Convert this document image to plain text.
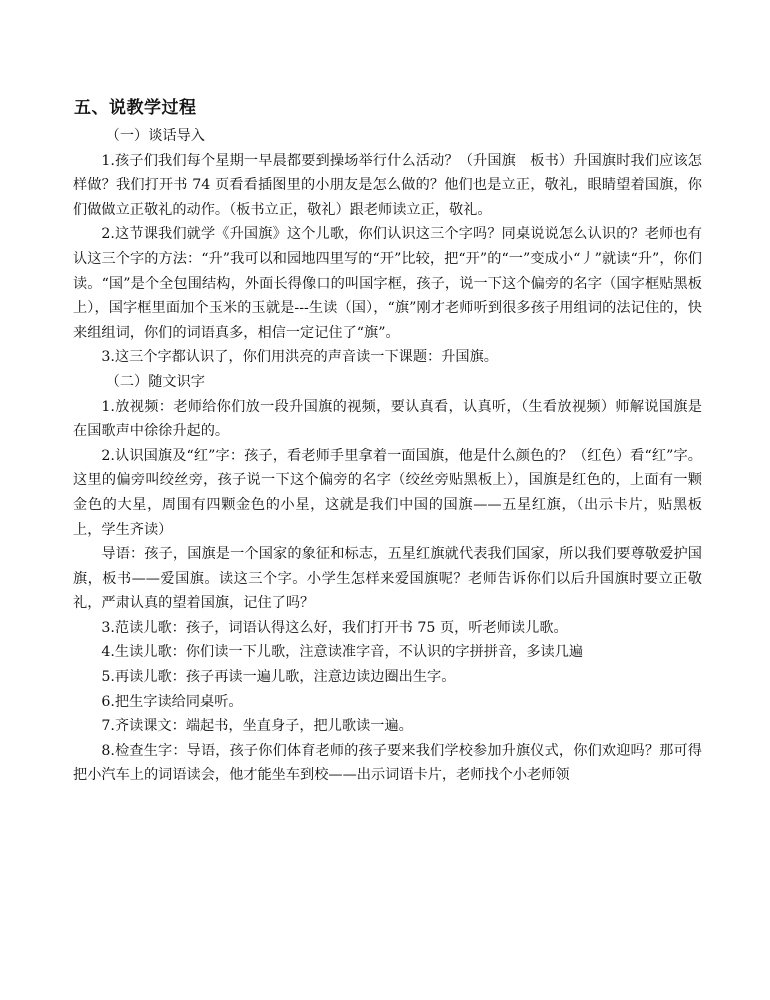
五、说教学过程

（一）谈话导入

1.孩子们我们每个星期一早晨都要到操场举行什么活动？（升国旗　板书）升国旗时我们应该怎样做？我们打开书 74 页看看插图里的小朋友是怎么做的？他们也是立正，敬礼，眼睛望着国旗，你们做做立正敬礼的动作。（板书立正，敬礼）跟老师读立正，敬礼。

2.这节课我们就学《升国旗》这个儿歌，你们认识这三个字吗？同桌说说怎么认识的？老师也有认这三个字的方法：“升”我可以和园地四里写的“开”比较，把“开”的“一”变成小“丿”就读“升”，你们读。“国”是个全包围结构，外面长得像口的叫国字框，孩子，说一下这个偏旁的名字（国字框贴黑板上），国字框里面加个玉米的玉就是---生读（国），“旗”刚才老师听到很多孩子用组词的法记住的，快来组组词，你们的词语真多，相信一定记住了“旗”。

3.这三个字都认识了，你们用洪亮的声音读一下课题：升国旗。

（二）随文识字

1.放视频：老师给你们放一段升国旗的视频，要认真看，认真听，（生看放视频）师解说国旗是在国歌声中徐徐升起的。

2.认识国旗及“红”字：孩子，看老师手里拿着一面国旗，他是什么颜色的？（红色）看“红”字。这里的偏旁叫绞丝旁，孩子说一下这个偏旁的名字（绞丝旁贴黑板上），国旗是红色的，上面有一颗金色的大星，周围有四颗金色的小星，这就是我们中国的国旗——五星红旗，（出示卡片，贴黑板上，学生齐读）

导语：孩子，国旗是一个国家的象征和标志，五星红旗就代表我们国家，所以我们要尊敬爱护国旗，板书——爱国旗。读这三个字。小学生怎样来爱国旗呢？老师告诉你们以后升国旗时要立正敬礼，严肃认真的望着国旗，记住了吗？

3.范读儿歌：孩子，词语认得这么好，我们打开书 75 页，听老师读儿歌。

4.生读儿歌：你们读一下儿歌，注意读准字音，不认识的字拼拼音，多读几遍

5.再读儿歌：孩子再读一遍儿歌，注意边读边圈出生字。

6.把生字读给同桌听。

7.齐读课文：端起书，坐直身子，把儿歌读一遍。

8.检查生字：导语，孩子你们体育老师的孩子要来我们学校参加升旗仪式，你们欢迎吗？那可得把小汽车上的词语读会，他才能坐车到校——出示词语卡片，老师找个小老师领
